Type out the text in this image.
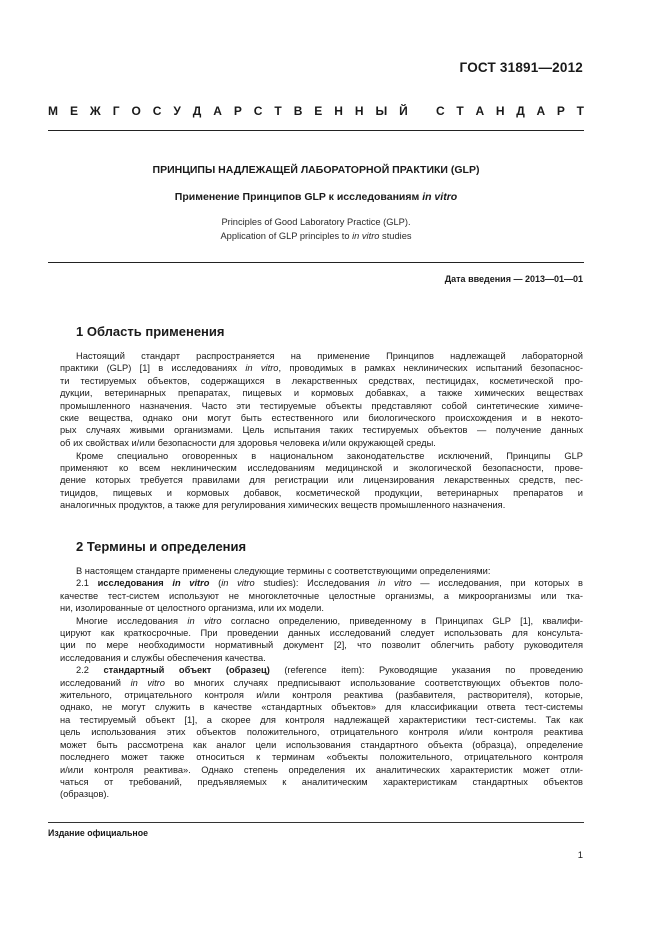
ГОСТ 31891—2012
М Е Ж Г О С У Д А Р С Т В Е Н Н Ы Й С Т А Н Д А Р Т
ПРИНЦИПЫ НАДЛЕЖАЩЕЙ ЛАБОРАТОРНОЙ ПРАКТИКИ (GLP)
Применение Принципов GLP к исследованиям in vitro
Principles of Good Laboratory Practice (GLP).
Application of GLP principles to in vitro studies
Дата введения — 2013—01—01
1 Область применения
Настоящий стандарт распространяется на применение Принципов надлежащей лабораторной
практики (GLP) [1] в исследованиях in vitro, проводимых в рамках неклинических испытаний безопаснос-
ти тестируемых объектов, содержащихся в лекарственных средствах, пестицидах, косметической про-
дукции, ветеринарных препаратах, пищевых и кормовых добавках, а также химических веществах
промышленного назначения. Часто эти тестируемые объекты представляют собой синтетические химиче-
ские вещества, однако они могут быть естественного или биологического происхождения и в некото-
рых случаях живыми организмами. Цель испытания таких тестируемых объектов — получение данных
об их свойствах и/или безопасности для здоровья человека и/или окружающей среды.
Кроме специально оговоренных в национальном законодательстве исключений, Принципы GLP
применяют ко всем неклиническим исследованиям медицинской и экологической безопасности, прове-
дение которых требуется правилами для регистрации или лицензирования лекарственных средств, пес-
тицидов, пищевых и кормовых добавок, косметической продукции, ветеринарных препаратов и
аналогичных продуктов, а также для регулирования химических веществ промышленного назначения.
2 Термины и определения
В настоящем стандарте применены следующие термины с соответствующими определениями:
2.1 исследования in vitro (in vitro studies): Исследования in vitro — исследования, при которых в
качестве тест-систем используют не многоклеточные целостные организмы, а микроорганизмы или тка-
ни, изолированные от целостного организма, или их модели.
Многие исследования in vitro согласно определению, приведенному в Принципах GLP [1], квалифи-
цируют как краткосрочные. При проведении данных исследований следует использовать для консульта-
ции по мере необходимости нормативный документ [2], что позволит облегчить работу руководителя
исследования и службы обеспечения качества.
2.2 стандартный объект (образец) (reference item): Руководящие указания по проведению
исследований in vitro во многих случаях предписывают использование соответствующих объектов поло-
жительного, отрицательного контроля и/или контроля реактива (разбавителя, растворителя), которые,
однако, не могут служить в качестве «стандартных объектов» для классификации ответа тест-системы
на тестируемый объект [1], а скорее для контроля надлежащей характеристики тест-системы. Так как
цель использования этих объектов положительного, отрицательного контроля и/или контроля реактива
может быть рассмотрена как аналог цели использования стандартного объекта (образца), определение
последнего может также относиться к терминам «объекты положительного, отрицательного контроля
и/или контроля реактива». Однако степень определения их аналитических характеристик может отли-
чаться от требований, предъявляемых к аналитическим характеристикам стандартных объектов
(образцов).
Издание официальное
1
